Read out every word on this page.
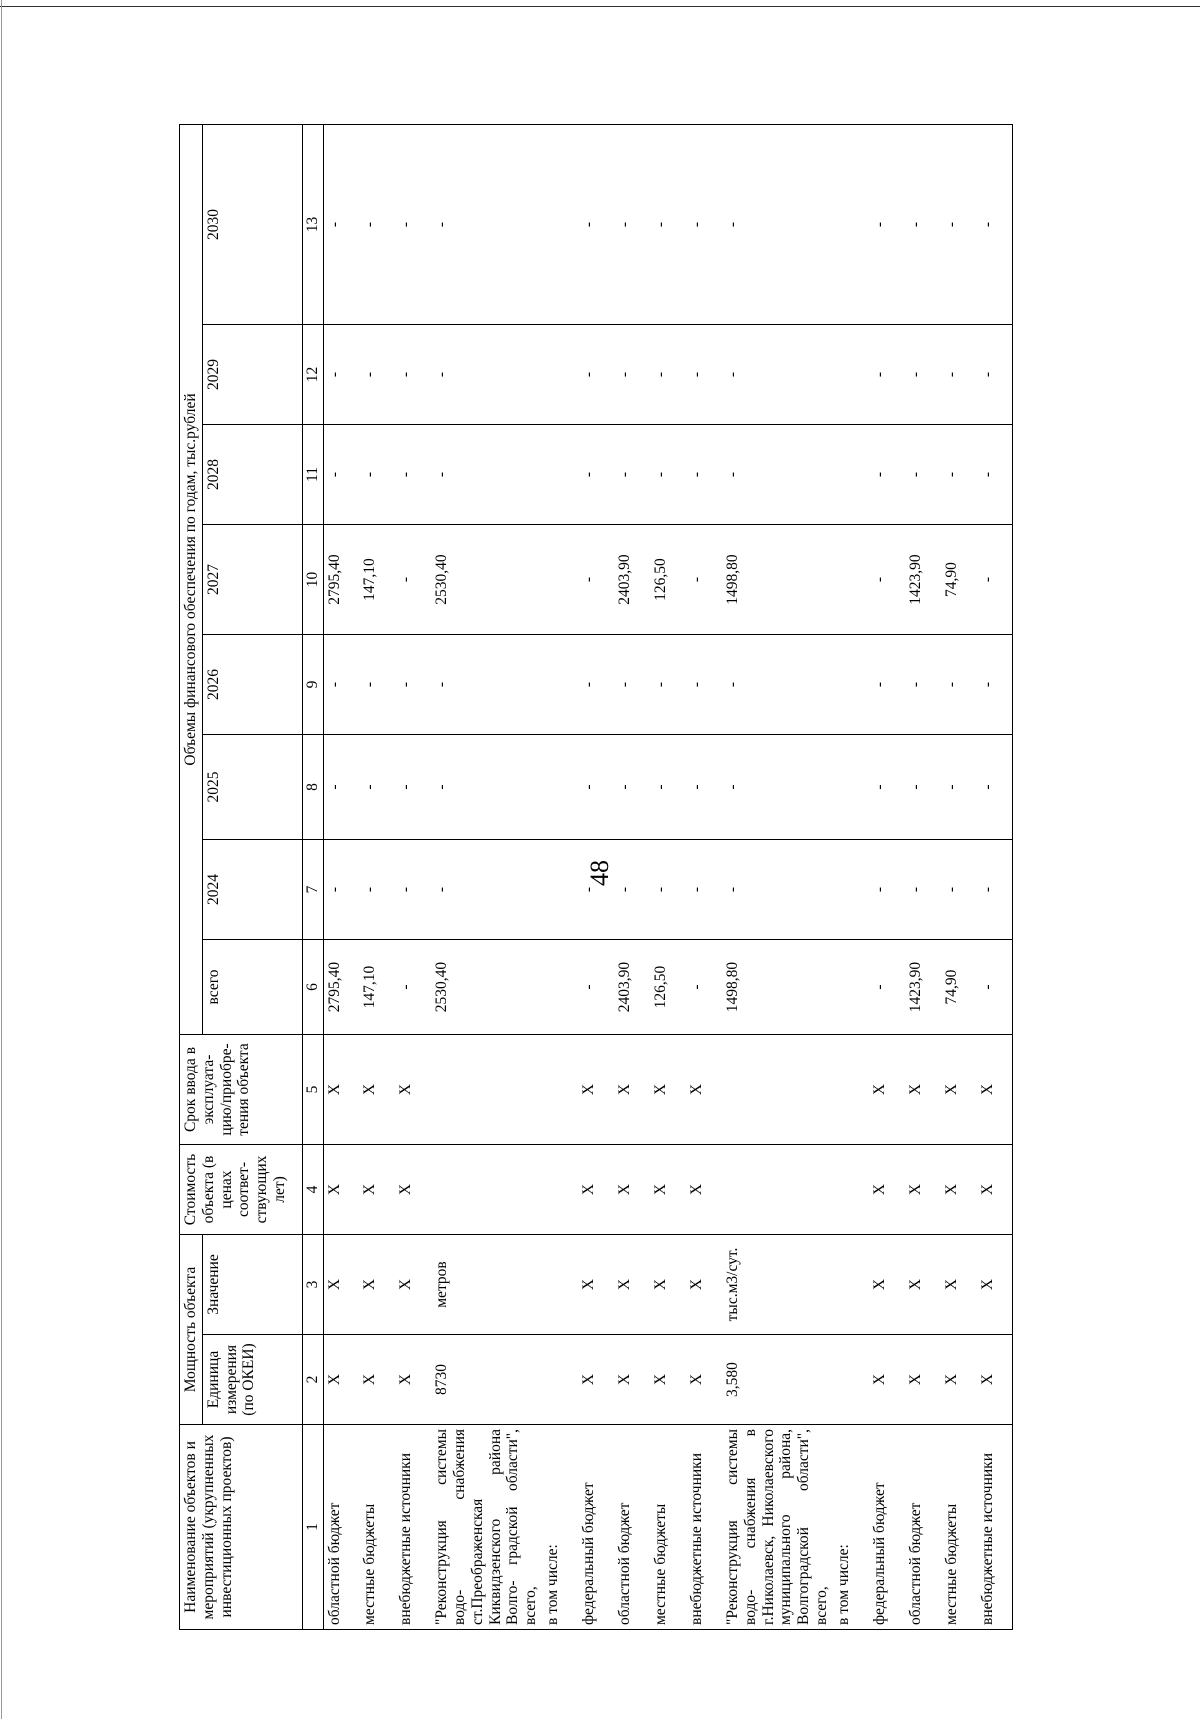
48
Наименование объектов и мероприятий (укрупненных инвестиционных проектов)	Мощность объекта		Стоимость объекта (в ценах соответ- ствующих лет)	Срок ввода в эксплуата- цию/приобре- тения объекта	Объемы финансового обеспечения по годам, тыс.рублей							
	Единица измерения (по ОКЕИ)	Значение			всего	2024	2025	2026	2027	2028	2029	2030
1	2	3	4	5	6	7	8	9	10	11	12	13
областной бюджет	X	X	X	X	2795,40	-	-	-	2795,40	-	-	-
местные бюджеты	X	X	X	X	147,10	-	-	-	147,10	-	-	-
внебюджетные источники	X	X	X	X	-	-	-	-	-	-	-	-
"Реконструкция системы водо- снабжения ст.Преображенская Киквидзенского района Волго- градской области", всего,	8730	метров			2530,40	-	-	-	2530,40	-	-	-
в том числе:												
федеральный бюджет	X	X	X	X	-	-	-	-	-	-	-	-
областной бюджет	X	X	X	X	2403,90	-	-	-	2403,90	-	-	-
местные бюджеты	X	X	X	X	126,50	-	-	-	126,50	-	-	-
внебюджетные источники	X	X	X	X	-	-	-	-	-	-	-	-
"Реконструкция системы водо- снабжения в г.Николаевск, Николаевского муниципального района, Волгоградской области", всего,	3,580	тыс.м3/сут.			1498,80	-	-	-	1498,80	-	-	-
в том числе:												
федеральный бюджет	X	X	X	X	-	-	-	-	-	-	-	-
областной бюджет	X	X	X	X	1423,90	-	-	-	1423,90	-	-	-
местные бюджеты	X	X	X	X	74,90	-	-	-	74,90	-	-	-
внебюджетные источники	X	X	X	X	-	-	-	-	-	-	-	-
